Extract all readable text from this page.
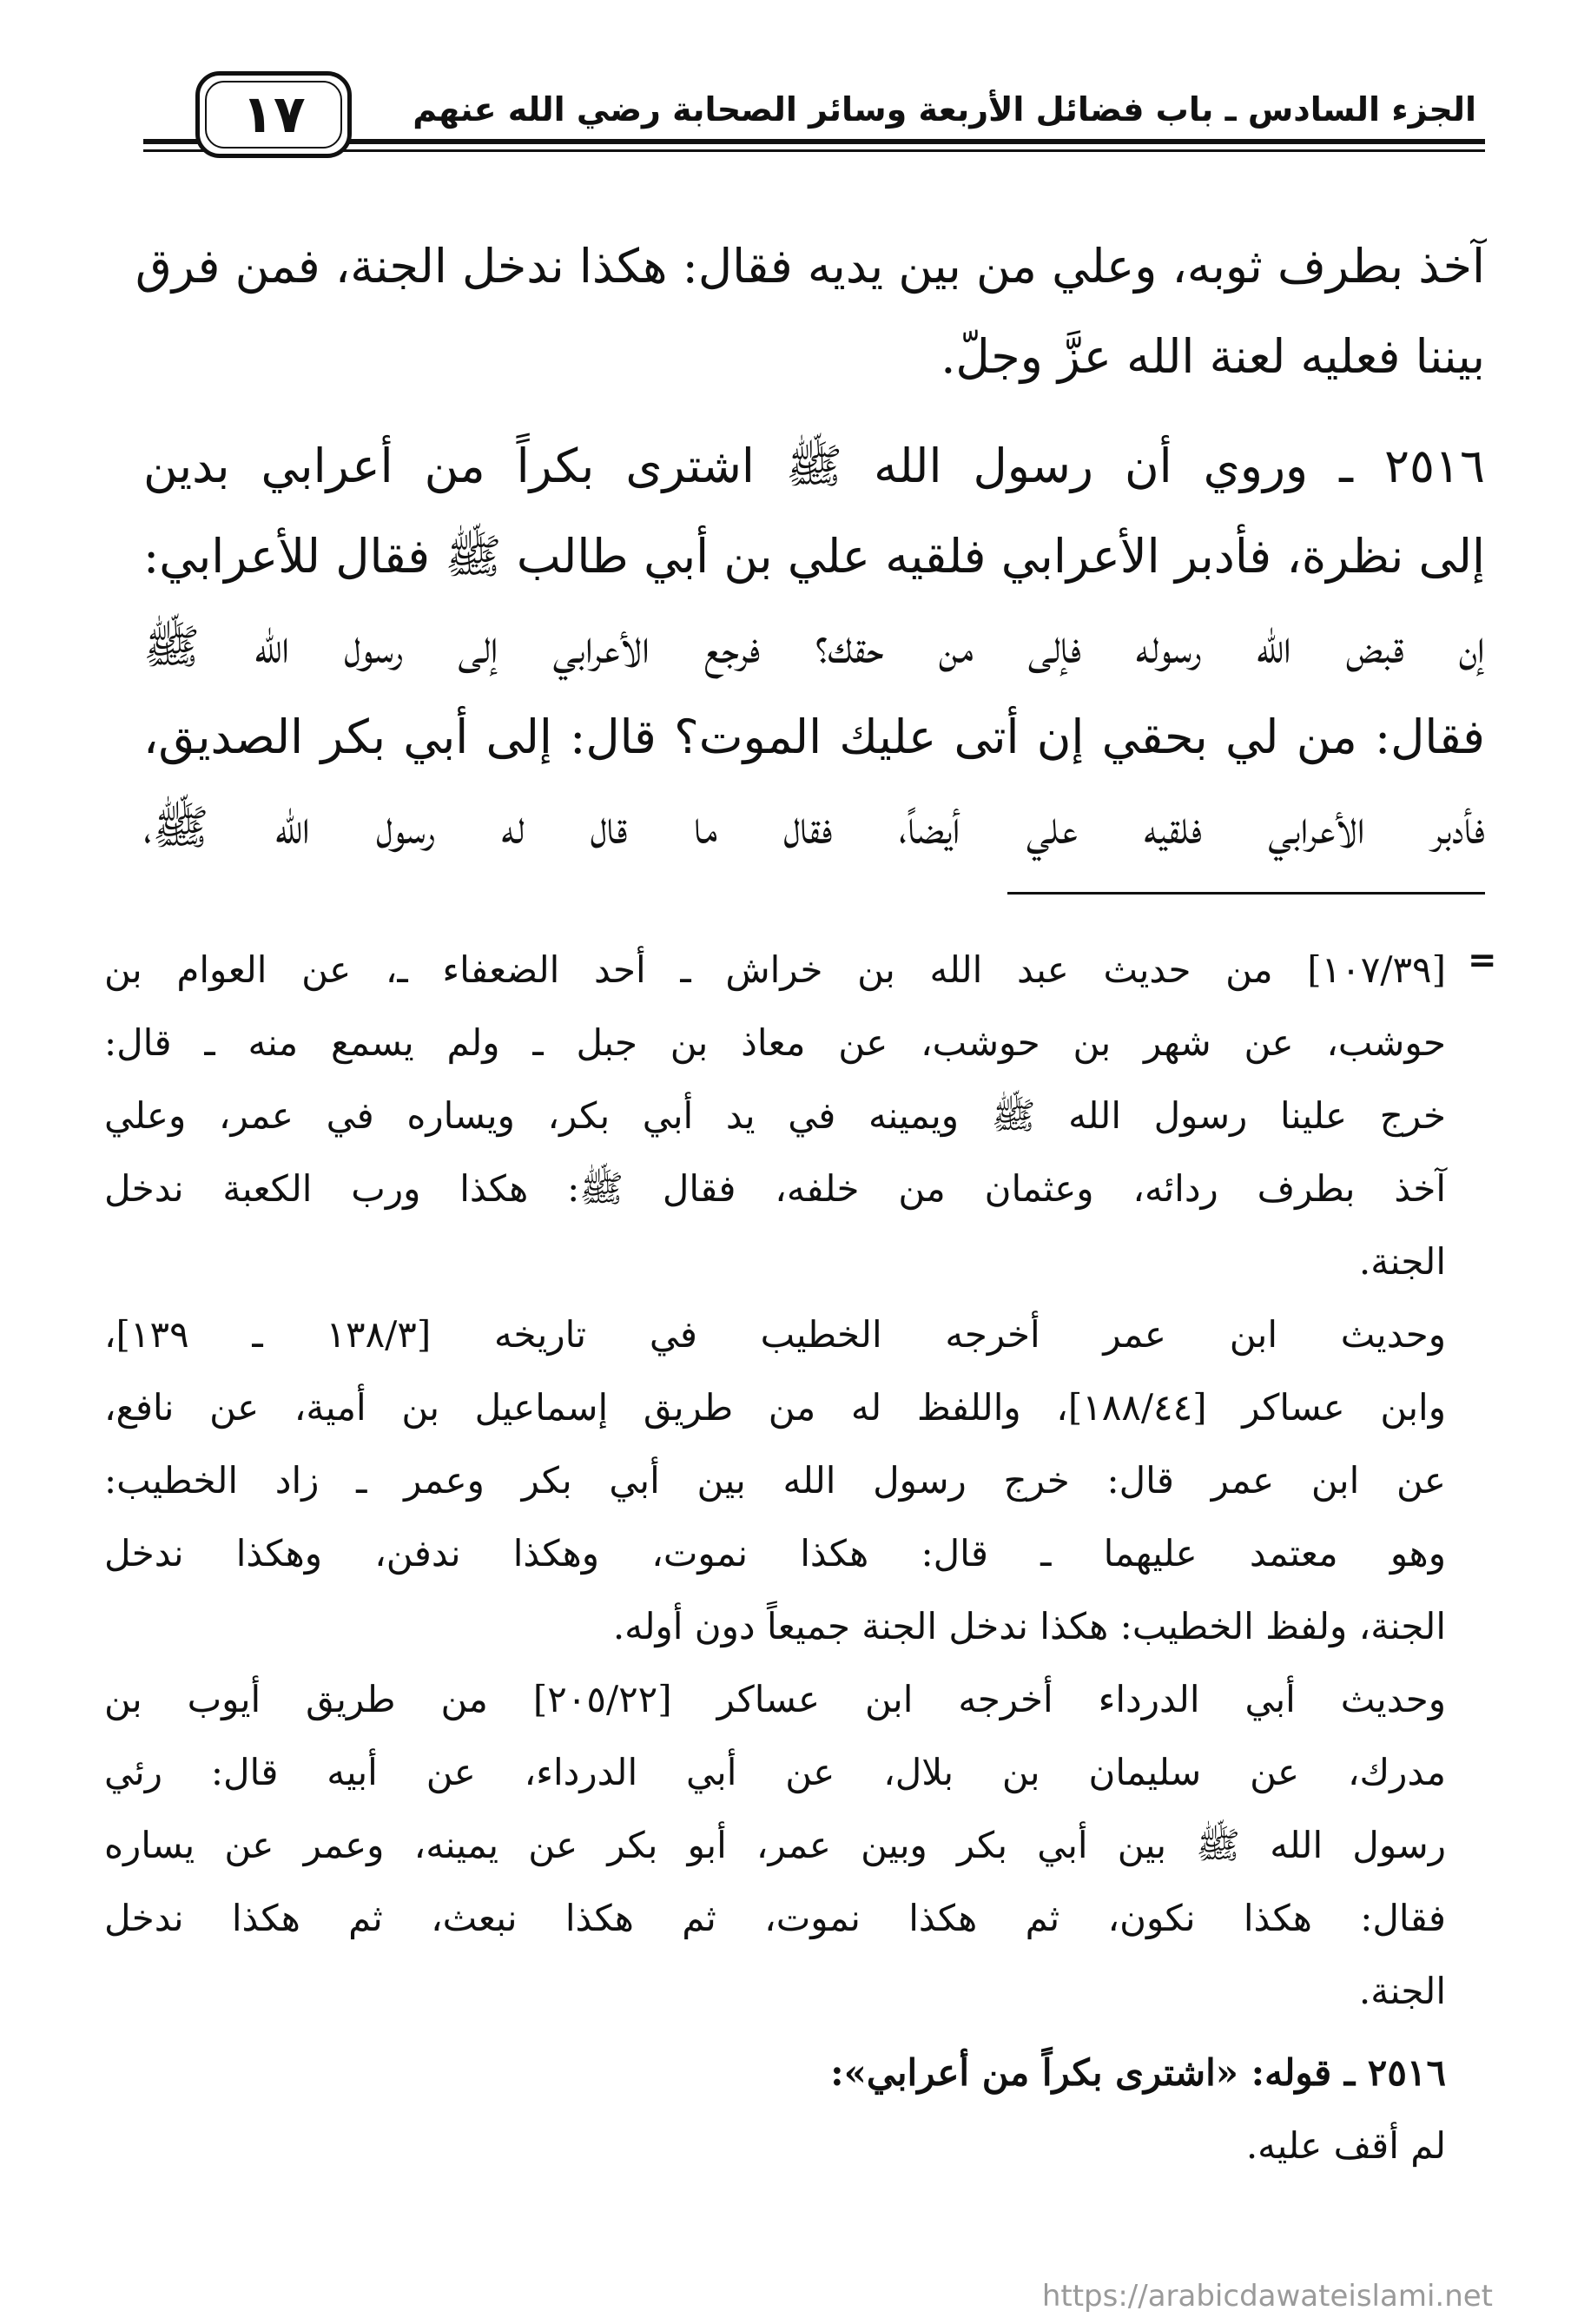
الجزء السادس ـ باب فضائل الأربعة وسائر الصحابة رضي الله عنهم
١٧
آخذ بطرف ثوبه، وعلي من بين يديه فقال: هكذا ندخل الجنة، فمن فرق
بيننا فعليه لعنة الله عزَّ وجلّ.
٢٥١٦ ـ وروي أن رسول الله ﷺ اشترى بكراً من أعرابي بدين
إلى نظرة، فأدبر الأعرابي فلقيه علي بن أبي طالب ﷺ فقال للأعرابي:
إن قبض الله رسوله فإلى من حقك؟ فرجع الأعرابي إلى رسول الله ﷺ
فقال: من لي بحقي إن أتى عليك الموت؟ قال: إلى أبي بكر الصديق،
فأدبر الأعرابي فلقيه علي أيضاً، فقال ما قال له رسول الله ﷺ،
=
[١٠٧/٣٩] من حديث عبد الله بن خراش ـ أحد الضعفاء ـ، عن العوام بن
حوشب، عن شهر بن حوشب، عن معاذ بن جبل ـ ولم يسمع منه ـ قال:
خرج علينا رسول الله ﷺ ويمينه في يد أبي بكر، ويساره في عمر، وعلي
آخذ بطرف ردائه، وعثمان من خلفه، فقال ﷺ: هكذا ورب الكعبة ندخل
الجنة.
وحديث ابن عمر أخرجه الخطيب في تاريخه [١٣٨/٣ ـ ١٣٩]،
وابن عساكر [١٨٨/٤٤]، واللفظ له من طريق إسماعيل بن أمية، عن نافع،
عن ابن عمر قال: خرج رسول الله بين أبي بكر وعمر ـ زاد الخطيب:
وهو معتمد عليهما ـ قال: هكذا نموت، وهكذا ندفن، وهكذا ندخل
الجنة، ولفظ الخطيب: هكذا ندخل الجنة جميعاً دون أوله.
وحديث أبي الدرداء أخرجه ابن عساكر [٢٠٥/٢٢] من طريق أيوب بن
مدرك، عن سليمان بن بلال، عن أبي الدرداء، عن أبيه قال: رئي
رسول الله ﷺ بين أبي بكر وبين عمر، أبو بكر عن يمينه، وعمر عن يساره
فقال: هكذا نكون، ثم هكذا نموت، ثم هكذا نبعث، ثم هكذا ندخل
الجنة.
٢٥١٦ ـ قوله: «اشترى بكراً من أعرابي»:
لم أقف عليه.
https://arabicdawateislami.net
